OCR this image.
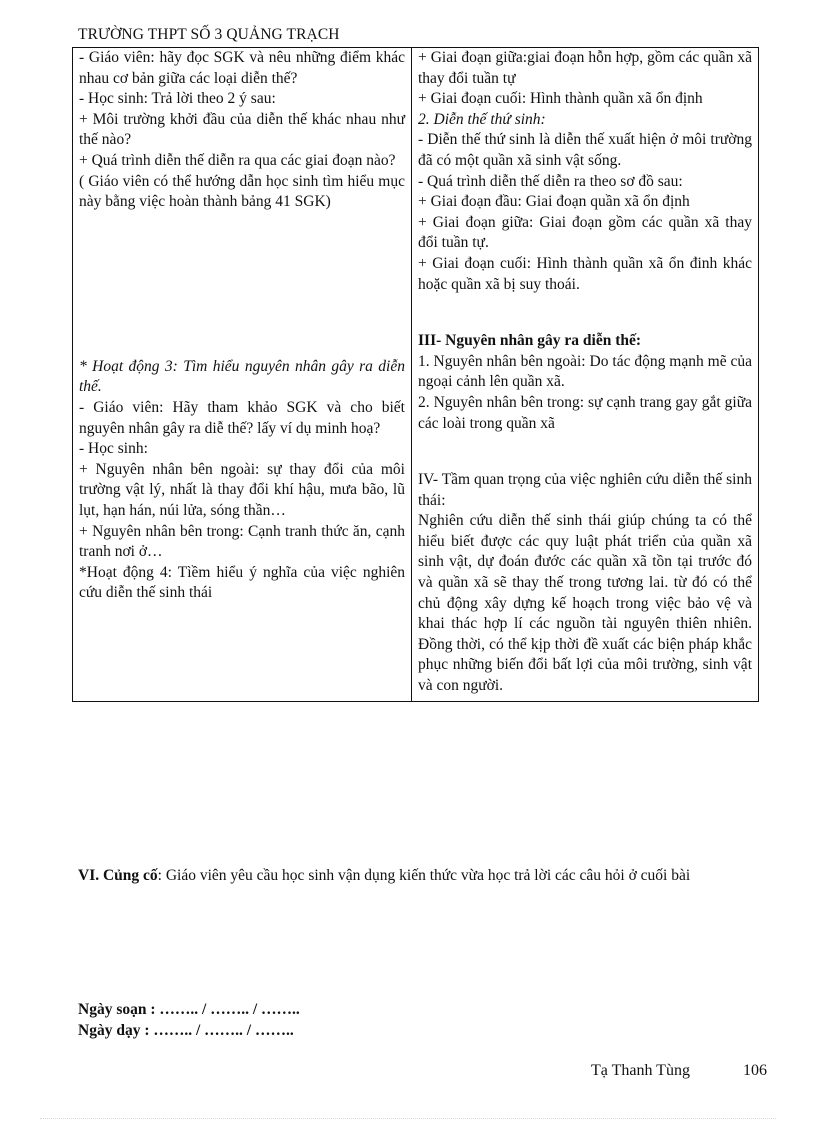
TRƯỜNG THPT SỐ 3 QUẢNG TRẠCH

- Giáo viên: hãy đọc SGK và nêu những điểm khác nhau cơ bản giữa các loại diễn thế?

- Học sinh: Trả lời theo 2 ý sau:

+ Môi trường khởi đầu của diễn thế khác nhau như thế nào?

+ Quá trình diễn thế diễn ra qua các giai đoạn nào?

( Giáo viên có thể hướng dẫn học sinh tìm hiểu mục này bằng việc hoàn thành bảng 41 SGK)

* Hoạt động 3: Tìm hiểu nguyên nhân gây ra diễn thế.

- Giáo viên: Hãy tham khảo SGK và cho biết nguyên nhân gây ra diễ thế? lấy ví dụ minh hoạ?

- Học sinh:

+ Nguyên nhân bên ngoài: sự thay đổi của môi trường vật lý, nhất là thay đổi khí hậu, mưa bão, lũ lụt, hạn hán, núi lửa, sóng thần…

+ Nguyên nhân bên trong: Cạnh tranh thức ăn, cạnh tranh nơi ở…

*Hoạt động 4: Tìềm hiểu ý nghĩa của việc nghiên cứu diễn thế sinh thái

+ Giai đoạn giữa:giai đoạn hỗn hợp, gồm các quần xã thay đổi tuần tự

+ Giai đoạn cuối: Hình thành quần xã ổn định

2. Diễn thế thứ sinh:

- Diễn thế thứ sinh là diễn thế xuất hiện ở môi trường đã có một quần xã sinh vật sống.

- Quá trình diễn thế diễn ra theo sơ đồ sau:

+ Giai đoạn đầu: Giai đoạn quần xã ổn định

+ Giai đoạn giữa: Giai đoạn gồm các quần xã thay đổi tuần tự.

+ Giai đoạn cuối: Hình thành quần xã ổn đinh khác hoặc quần xã bị suy thoái.

III- Nguyên nhân gây ra diễn thế:

1. Nguyên nhân bên ngoài: Do tác động mạnh mẽ của ngoại cảnh lên quần xã.

2. Nguyên nhân bên trong: sự cạnh trang gay gắt giữa các loài trong quần xã

IV- Tầm quan trọng của việc nghiên cứu diễn thế sinh thái:

Nghiên cứu diễn thế sinh thái giúp chúng ta có thể hiểu biết được các quy luật phát triển của quần xã sinh vật, dự đoán đước các quần xã tồn tại trước đó và quần xã sẽ thay thế trong tương lai. từ đó có thể chủ động xây dựng kế hoạch trong việc bảo vệ và khai thác hợp lí các nguồn tài nguyên thiên nhiên. Đồng thời, có thể kịp thời đề xuất các biện pháp khắc phục những biến đổi bất lợi của môi trường, sinh vật và con người.

VI. Củng cố: Giáo viên yêu cầu học sinh vận dụng kiến thức vừa học trả lời các câu hỏi ở cuối bài
Ngày soạn : …….. / …….. / ……..
Ngày dạy : …….. / …….. / ……..
Tạ Thanh Tùng	106
